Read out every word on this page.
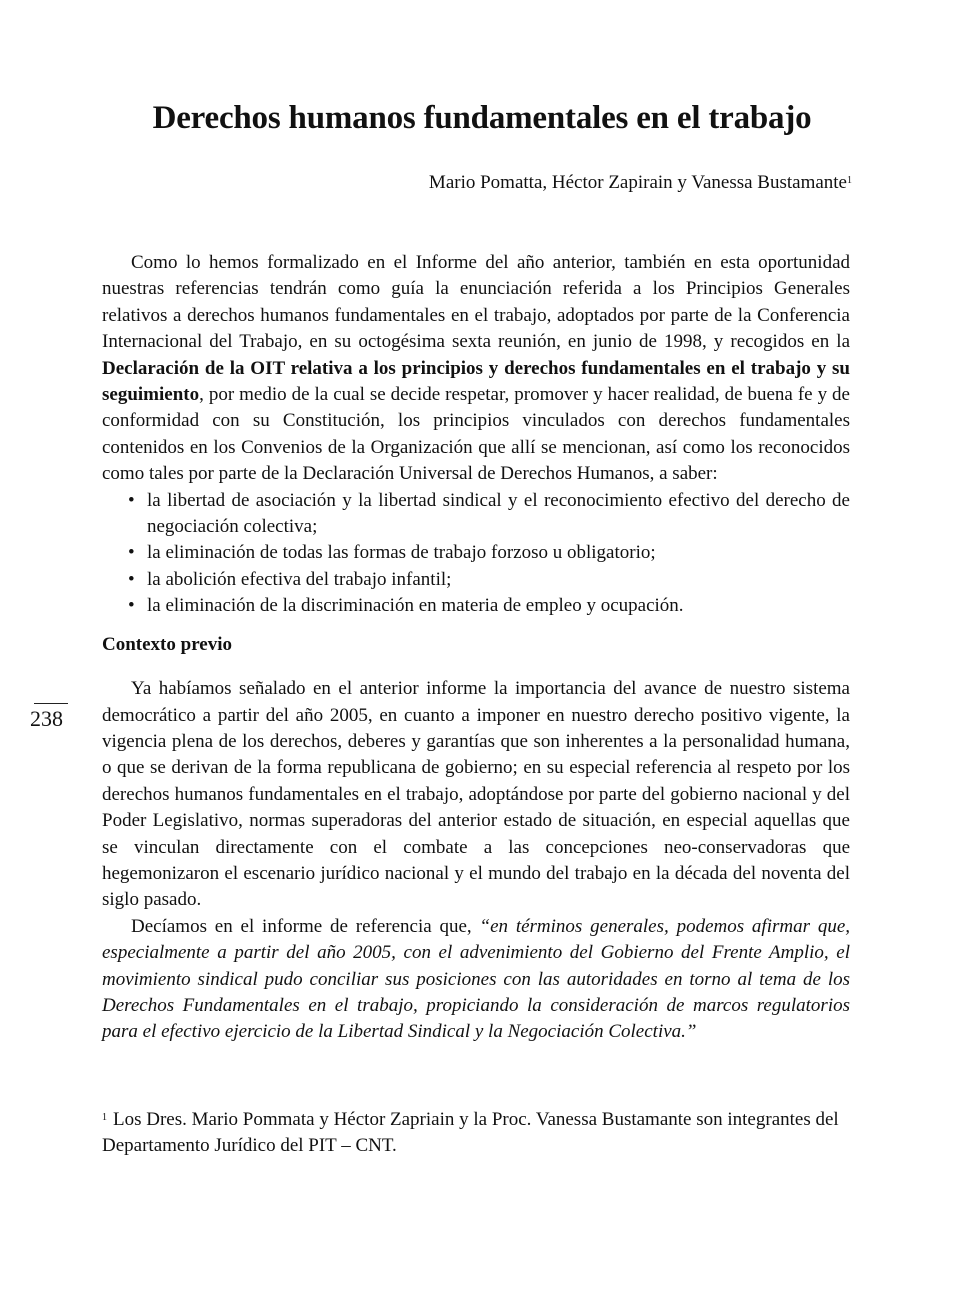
Derechos humanos fundamentales en el trabajo
Mario Pomatta, Héctor Zapirain y Vanessa Bustamante$^1$
238

Como lo hemos formalizado en el Informe del año anterior, también en esta oportunidad nuestras referencias tendrán como guía la enunciación referida a los Principios Generales relativos a derechos humanos fundamentales en el trabajo, adoptados por parte de la Conferencia Internacional del Trabajo, en su octogésima sexta reunión, en junio de 1998, y recogidos en la Declaración de la OIT relativa a los principios y derechos fundamentales en el trabajo y su seguimiento, por medio de la cual se decide respetar, promover y hacer realidad, de buena fe y de conformidad con su Constitución, los principios vinculados con derechos fundamentales contenidos en los Convenios de la Organización que allí se mencionan, así como los reconocidos como tales por parte de la Declaración Universal de Derechos Humanos, a saber:

• la libertad de asociación y la libertad sindical y el reconocimiento efectivo del derecho de negociación colectiva;
• la eliminación de todas las formas de trabajo forzoso u obligatorio;
• la abolición efectiva del trabajo infantil;
• la eliminación de la discriminación en materia de empleo y ocupación.

Contexto previo

Ya habíamos señalado en el anterior informe la importancia del avance de nuestro sistema democrático a partir del año 2005, en cuanto a imponer en nuestro derecho positivo vigente, la vigencia plena de los derechos, deberes y garantías que son inherentes a la personalidad humana, o que se derivan de la forma republicana de gobierno; en su especial referencia al respeto por los derechos humanos fundamentales en el trabajo, adoptándose por parte del gobierno nacional y del Poder Legislativo, normas superadoras del anterior estado de situación, en especial aquellas que se vinculan directamente con el combate a las concepciones neo-conservadoras que hegemonizaron el escenario jurídico nacional y el mundo del trabajo en la década del noventa del siglo pasado.

Decíamos en el informe de referencia que, “en términos generales, podemos afirmar que, especialmente a partir del año 2005, con el advenimiento del Gobierno del Frente Amplio, el movimiento sindical pudo conciliar sus posiciones con las autoridades en torno al tema de los Derechos Fundamentales en el trabajo, propiciando la consideración de marcos regulatorios para el efectivo ejercicio de la Libertad Sindical y la Negociación Colectiva.”

$^1$ Los Dres. Mario Pommata y Héctor Zapriain y la Proc. Vanessa Bustamante son integrantes del Departamento Jurídico del PIT – CNT.
